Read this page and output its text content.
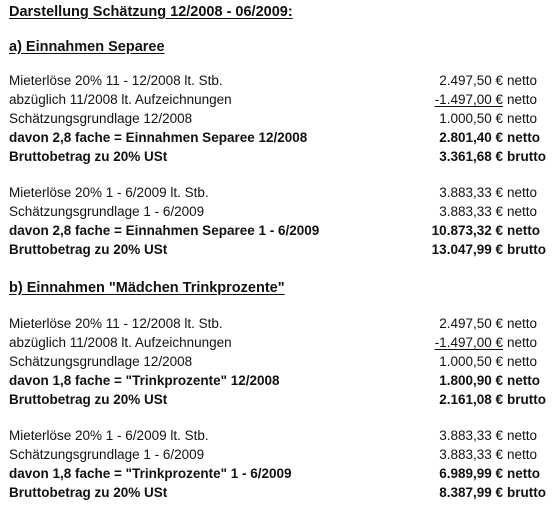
Darstellung Schätzung 12/2008 - 06/2009:
a) Einnahmen Separee
Mieterlöse 20% 11 - 12/2008 lt. Stb.	2.497,50 € netto
abzüglich 11/2008 lt. Aufzeichnungen	-1.497,00 € netto
Schätzungsgrundlage 12/2008	1.000,50 € netto
davon 2,8 fache = Einnahmen Separee 12/2008	2.801,40 € netto
Bruttobetrag zu 20% USt	3.361,68 € brutto
Mieterlöse 20% 1 - 6/2009 lt. Stb.	3.883,33 € netto
Schätzungsgrundlage 1 - 6/2009	3.883,33 € netto
davon 2,8 fache = Einnahmen Separee 1 - 6/2009	10.873,32 € netto
Bruttobetrag zu 20% USt	13.047,99 € brutto
b) Einnahmen "Mädchen Trinkprozente"
Mieterlöse 20% 11 - 12/2008 lt. Stb.	2.497,50 € netto
abzüglich 11/2008 lt. Aufzeichnungen	-1.497,00 € netto
Schätzungsgrundlage 12/2008	1.000,50 € netto
davon 1,8 fache = "Trinkprozente" 12/2008	1.800,90 € netto
Bruttobetrag zu 20% USt	2.161,08 € brutto
Mieterlöse 20% 1 - 6/2009 lt. Stb.	3.883,33 € netto
Schätzungsgrundlage 1 - 6/2009	3.883,33 € netto
davon 1,8 fache = "Trinkprozente" 1 - 6/2009	6.989,99 € netto
Bruttobetrag zu 20% USt	8.387,99 € brutto
